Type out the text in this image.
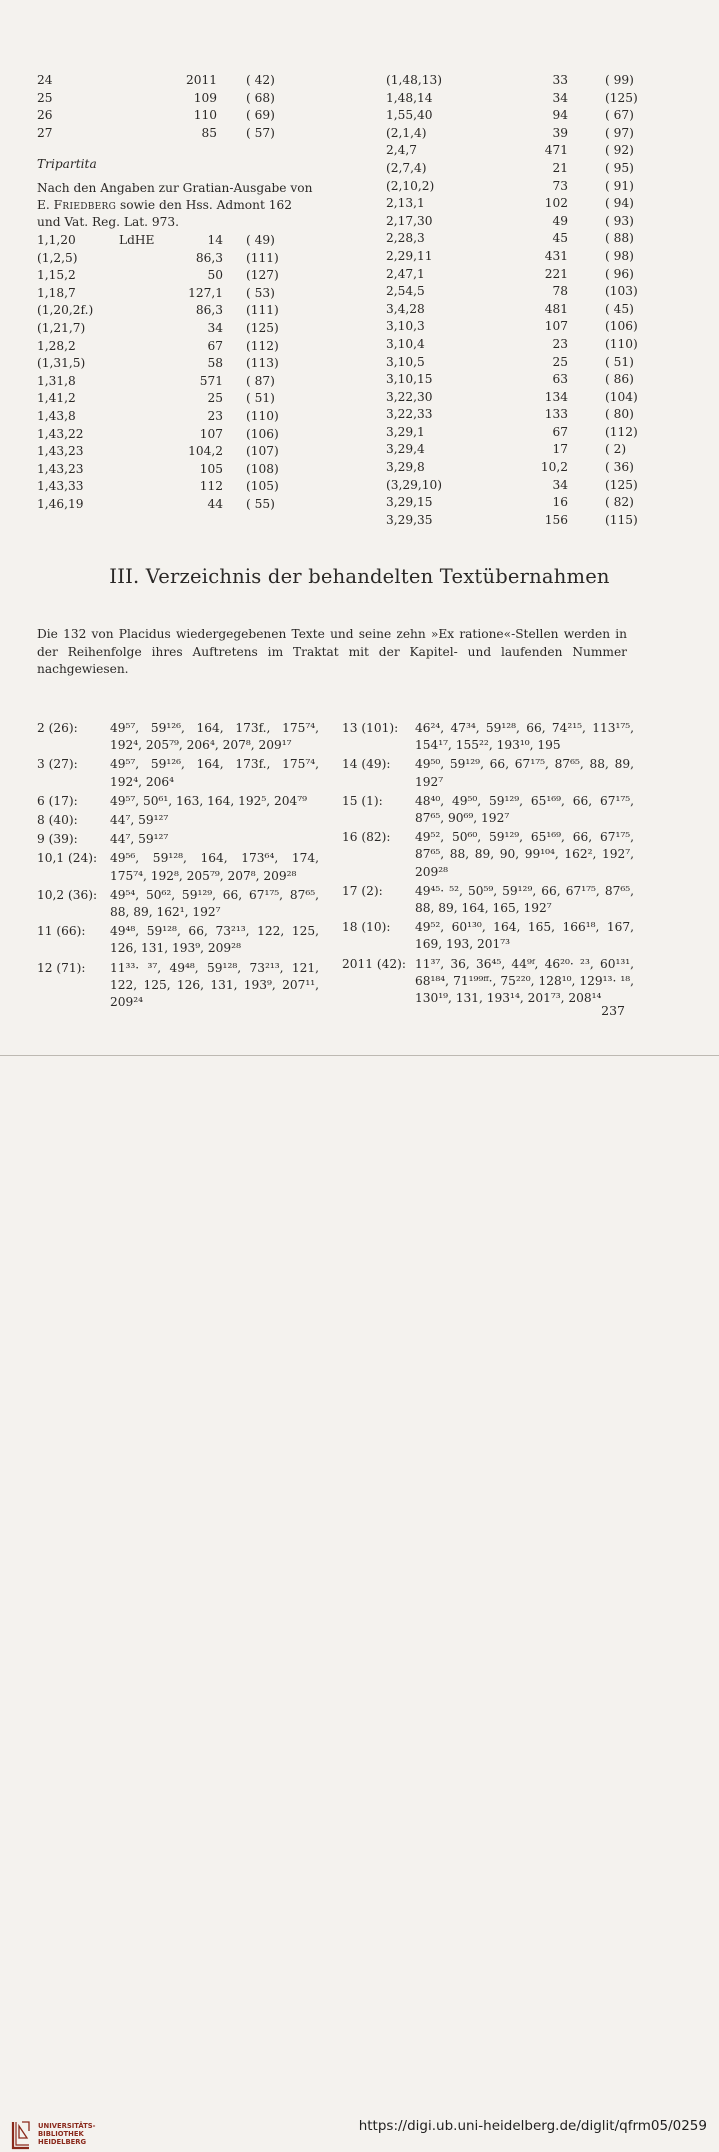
24	2011 ( 42)
25	109 ( 68)
26	110 ( 69)
27	85 ( 57)
Tripartita
Nach den Angaben zur Gratian-Ausgabe von E. Friedberg sowie den Hss. Admont 162 und Vat. Reg. Lat. 973.
1,1,20	LdHE	14 ( 49)
(1,2,5)	86,3 (111)
1,15,2	50 (127)
1,18,7	127,1 ( 53)
(1,20,2f.)	86,3 (111)
(1,21,7)	34 (125)
1,28,2	67 (112)
(1,31,5)	58 (113)
1,31,8	571 ( 87)
1,41,2	25 ( 51)
1,43,8	23 (110)
1,43,22	107 (106)
1,43,23	104,2 (107)
1,43,23	105 (108)
1,43,33	112 (105)
1,46,19	44 ( 55)
(1,48,13)	33	( 99)
1,48,14	34	(125)
1,55,40	94	( 67)
(2,1,4)	39	( 97)
2,4,7	471	( 92)
(2,7,4)	21	( 95)
(2,10,2)	73	( 91)
2,13,1	102	( 94)
2,17,30	49	( 93)
2,28,3	45	( 88)
2,29,11	431	( 98)
2,47,1	221	( 96)
2,54,5	78	(103)
3,4,28	481	( 45)
3,10,3	107	(106)
3,10,4	23	(110)
3,10,5	25	( 51)
3,10,15	63	( 86)
3,22,30	134	(104)
3,22,33	133	( 80)
3,29,1	67	(112)
3,29,4	17	( 2)
3,29,8	10,2	( 36)
(3,29,10)	34	(125)
3,29,15	16	( 82)
3,29,35	156	(115)
III. Verzeichnis der behandelten Textübernahmen
Die 132 von Placidus wiedergegebenen Texte und seine zehn »Ex ratione«-Stellen werden in der Reihenfolge ihres Auftretens im Traktat mit der Kapitel- und laufenden Nummer nachgewiesen.
2 (26):	49⁵⁷, 59¹²⁶, 164, 173f., 175⁷⁴, 192⁴, 205⁷⁹, 206⁴, 207⁸, 209¹⁷
3 (27):	49⁵⁷, 59¹²⁶, 164, 173f., 175⁷⁴, 192⁴, 206⁴
6 (17):	49⁵⁷, 50⁶¹, 163, 164, 192⁵, 204⁷⁹
8 (40):	44⁷, 59¹²⁷
9 (39):	44⁷, 59¹²⁷
10,1 (24): 49⁵⁶, 59¹²⁸, 164, 173⁶⁴, 174, 175⁷⁴, 192⁸, 205⁷⁹, 207⁸, 209²⁸
10,2 (36): 49⁵⁴, 50⁶², 59¹²⁹, 66, 67¹⁷⁵, 87⁶⁵, 88, 89, 162¹, 192⁷
11 (66): 49⁴⁸, 59¹²⁸, 66, 73²¹³, 122, 125, 126, 131, 193⁹, 209²⁸
12 (71): 11³³· ³⁷, 49⁴⁸, 59¹²⁸, 73²¹³, 121, 122, 125, 126, 131, 193⁹, 207¹¹, 209²⁴
13 (101): 46²⁴, 47³⁴, 59¹²⁸, 66, 74²¹⁵, 113¹⁷⁵, 154¹⁷, 155²², 193¹⁰, 195
14 (49): 49⁵⁰, 59¹²⁹, 66, 67¹⁷⁵, 87⁶⁵, 88, 89, 192⁷
15 (1):	48⁴⁰, 49⁵⁰, 59¹²⁹, 65¹⁶⁹, 66, 67¹⁷⁵, 87⁶⁵, 90⁶⁹, 192⁷
16 (82): 49⁵², 50⁶⁰, 59¹²⁹, 65¹⁶⁹, 66, 67¹⁷⁵, 87⁶⁵, 88, 89, 90, 99¹⁰⁴, 162², 192⁷, 209²⁸
17 (2):	49⁴⁵· ⁵², 50⁵⁹, 59¹²⁹, 66, 67¹⁷⁵, 87⁶⁵, 88, 89, 164, 165, 192⁷
18 (10): 49⁵², 60¹³⁰, 164, 165, 166¹⁸, 167, 169, 193, 201⁷³
2011 (42): 11³⁷, 36, 36⁴⁵, 44⁹ᶠ, 46²⁰· ²³, 60¹³¹, 68¹⁸⁴, 71¹⁹⁹ᶠᶠ·, 75²²⁰, 128¹⁰, 129¹³· ¹⁸, 130¹⁹, 131, 193¹⁴, 201⁷³, 208¹⁴
237
UNIVERSITÄTS-
BIBLIOTHEK
HEIDELBERG
https://digi.ub.uni-heidelberg.de/diglit/qfrm05/0259
